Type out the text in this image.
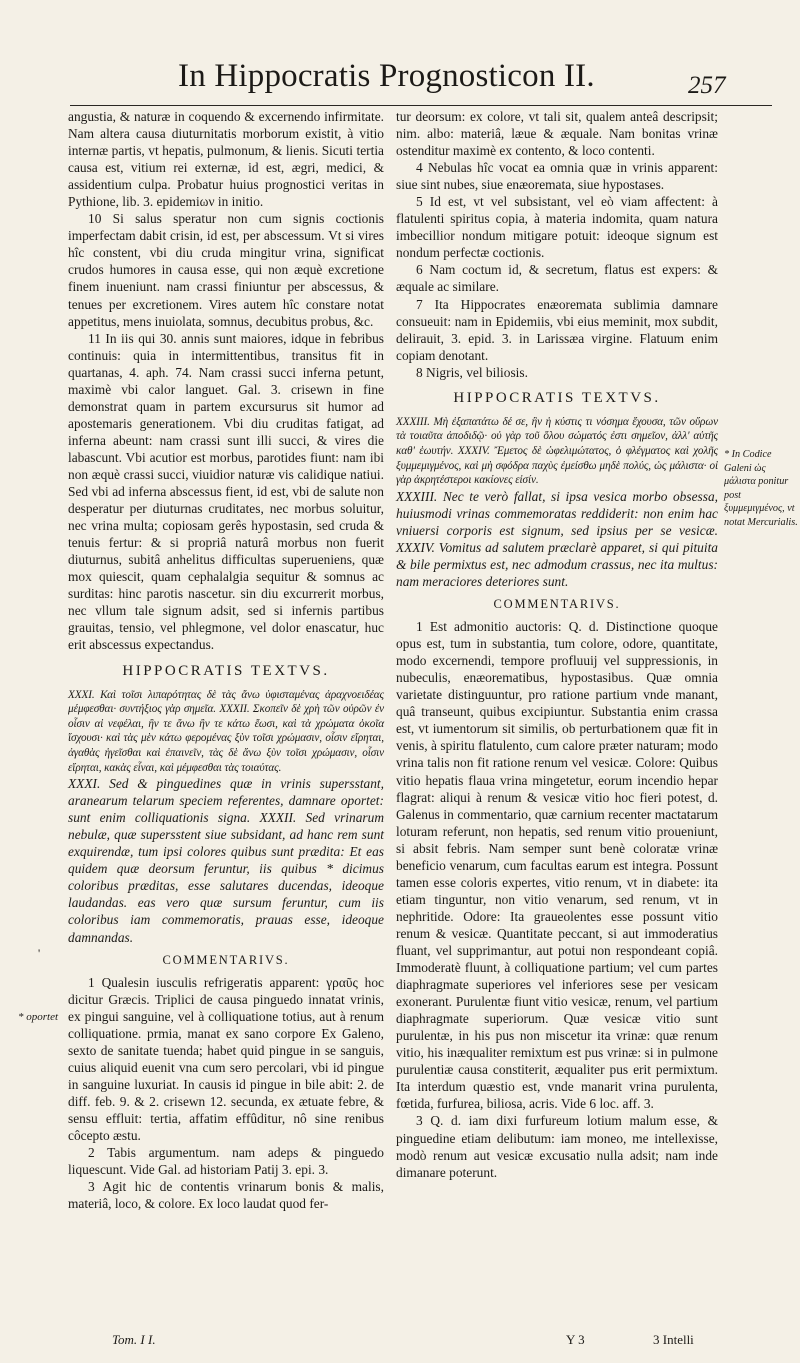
In Hippocratis Prognosticon II.	257

angustia, & naturæ in coquendo & excernendo infirmitate. Nam altera causa diuturnitatis morborum existit, à vitio internæ partis, vt hepatis, pulmonum, & lienis. Sicuti tertia causa est, vitium rei externæ, id est, ægri, medici, & assidentium culpa. Probatur huius prognostici veritas in Pythione, lib. 3. epidemiων in initio.

10 Si salus speratur non cum signis coctionis imperfectam dabit crisin, id est, per abscessum. Vt si vires hîc constent, vbi diu cruda mingitur vrina, significat crudos humores in causa esse, qui non æquè excretione finem inueniunt. nam crassi finiuntur per abscessus, & tenues per excretionem. Vires autem hîc constare notat appetitus, mens inuiolata, somnus, decubitus probus, &c.

11 In iis qui 30. annis sunt maiores, idque in febribus continuis: quia in intermittentibus, transitus fit in quartanas, 4. aph. 74. Nam crassi succi inferna petunt, maximè vbi calor languet. Gal. 3. crisewn in fine demonstrat quam in partem excursurus sit humor ad apostemaris generationem. Vbi diu cruditas fatigat, ad inferna abeunt: nam crassi sunt illi succi, & vires die labascunt. Vbi acutior est morbus, parotides fiunt: nam ibi non æquè crassi succi, viuidior naturæ vis calidique natiui. Sed vbi ad inferna abscessus fient, id est, vbi de salute non desperatur per diuturnas cruditates, nec morbus soluitur, nec vrina multa; copiosam gerês hypostasin, sed cruda & tenuis fertur: & si propriâ naturâ morbus non fuerit diuturnus, subitâ anhelitus difficultas superueniens, quæ mox quiescit, quam cephalalgia sequitur & somnus ac surditas: hinc parotis nascetur. sin diu excurrerit morbus, nec vllum tale signum adsit, sed si infernis partibus grauitas, tensio, vel phlegmone, vel dolor enascatur, huc erit abscessus expectandus.

HIPPOCRATIS TEXTVS.

XXXI. Καὶ τοῖσι λιπαρότητας δὲ τὰς ἄνω ὑφισταμένας ἀραχνοειδέας μέμφεσθαι· συντήξιος γὰρ σημεῖα. XXXII. Σκοπεῖν δὲ χρὴ τῶν οὐρῶν ἐν οἷσιν αἱ νεφέλαι, ἢν τε ἄνω ἢν τε κάτω ἔωσι, καὶ τὰ χρώματα ὁκοῖα ἴσχουσι· καὶ τὰς μὲν κάτω φερομένας ξὺν τοῖσι χρώμασιν, οἷσιν εἴρηται, ἀγαθὰς ἡγεῖσθαι καὶ ἐπαινεῖν, τὰς δὲ ἄνω ξὺν τοῖσι χρώμασιν, οἷσιν εἴρηται, κακὰς εἶναι, καὶ μέμφεσθαι τὰς τοιαύτας.

XXXI. Sed & pinguedines quæ in vrinis supersstant, aranearum telarum speciem referentes, damnare oportet: sunt enim colliquationis signa. XXXII. Sed vrinarum nebulæ, quæ supersstent siue subsidant, ad hanc rem sunt exquirendæ, tum ipsi colores quibus sunt prædita: Et eas quidem quæ deorsum feruntur, iis quibus * dicimus coloribus præditas, esse salutares ducendas, ideoque laudandas. eas vero quæ sursum feruntur, cum iis coloribus iam commemoratis, prauas esse, ideoque damnandas.

COMMENTARIVS.

1 Qualesin iusculis refrigeratis apparent: γραῦς hoc dicitur Græcis. Triplici de causa pinguedo innatat vrinis, ex pingui sanguine, vel à colliquatione totius, aut à renum colliquatione. prmia, manat ex sano corpore Ex Galeno, sexto de sanitate tuenda; habet quid pingue in se sanguis, cuius aliquid euenit vna cum sero percolari, vbi id pingue in sanguine luxuriat. In causis id pingue in bile abit: 2. de diff. feb. 9. & 2. crisewn 12. secunda, ex ætuate febre, & sensu effluit: tertia, affatim effûditur, nô sine renibus côcepto æstu.

2 Tabis argumentum. nam adeps & pinguedo liquescunt. Vide Gal. ad historiam Patij 3. epi. 3.

3 Agit hic de contentis vrinarum bonis & malis, materiâ, loco, & colore. Ex loco laudat quod fer-

tur deorsum: ex colore, vt tali sit, qualem anteâ descripsit; nim. albo: materiâ, læue & æquale. Nam bonitas vrinæ ostenditur maximè ex contento, & loco contenti.

4 Nebulas hîc vocat ea omnia quæ in vrinis apparent: siue sint nubes, siue enæoremata, siue hypostases.

5 Id est, vt vel subsistant, vel eò viam affectent: à flatulenti spiritus copia, à materia indomita, quam natura imbecillior nondum mitigare potuit: ideoque signum est nondum perfectæ coctionis.

6 Nam coctum id, & secretum, flatus est expers: & æquale ac similare.

7 Ita Hippocrates enæoremata sublimia damnare consueuit: nam in Epidemiis, vbi eius meminit, mox subdit, delirauit, 3. epid. 3. in Larissæa virgine. Flatuum enim copiam denotant.

8 Nigris, vel biliosis.

HIPPOCRATIS TEXTVS.

XXXIII. Μὴ ἐξαπατάτω δέ σε, ἢν ἡ κύστις τι νόσημα ἔχουσα, τῶν οὔρων τὰ τοιαῦτα ἀποδιδῷ· οὐ γὰρ τοῦ ὅλου σώματός ἐστι σημεῖον, ἀλλ' αὐτῆς καθ' ἑωυτήν. XXXIV. Ἔμετος δὲ ὠφελιμώτατος, ὁ φλέγματος καὶ χολῆς ξυμμεμιγμένος, καὶ μὴ σφόδρα παχὺς ἐμείσθω μηδὲ πολύς, ὡς μάλιστα· οἱ γὰρ ἀκρητέστεροι κακίονες εἰσίν.

XXXIII. Nec te verò fallat, si ipsa vesica morbo obsessa, huiusmodi vrinas commemoratas reddiderit: non enim hac vniuersi corporis est signum, sed ipsius per se vesicæ. XXXIV. Vomitus ad salutem præclarè apparet, si qui pituita & bile permixtus est, nec admodum crassus, nec ita multus: nam meraciores deteriores sunt.

COMMENTARIVS.

1 Est admonitio auctoris: Q. d. Distinctione quoque opus est, tum in substantia, tum colore, odore, quantitate, modo excernendi, tempore profluuij vel suppressionis, in nubeculis, enæorematibus, hypostasibus. Quæ omnia varietate distinguuntur, pro ratione partium vnde manant, quâ transeunt, quibus excipiuntur. Substantia enim crassa est, vt iumentorum sit similis, ob perturbationem quæ fit in venis, à spiritu flatulento, cum calore præter naturam; modo vrina talis non fit ratione renum vel vesicæ. Colore: Quibus vitio hepatis flaua vrina mingetetur, eorum incendio hepar flagrat: aliqui à renum & vesicæ vitio hoc fieri potest, d. Galenus in commentario, quæ carnium recenter mactatarum loturam referunt, non hepatis, sed renum vitio proueniunt, si absit febris. Nam semper sunt benè coloratæ vrinæ beneficio venarum, cum facultas earum est integra. Possunt tamen esse coloris expertes, vitio renum, vt in diabete: ita etiam tinguntur, non vitio venarum, sed renum, vt in nephritide. Odore: Ita graueolentes esse possunt vitio renum & vesicæ. Quantitate peccant, si aut immoderatius fluant, vel supprimantur, aut potui non respondeant copiâ. Immoderatè fluunt, à colliquatione partium; vel cum partes diaphragmate superiores vel inferiores sese per vesicam exonerant. Purulentæ fiunt vitio vesicæ, renum, vel partium diaphragmate superiorum. Quæ vesicæ vitio sunt purulentæ, in his pus non miscetur ita vrinæ: quæ renum vitio, his inæqualiter remixtum est pus vrinæ: si in pulmone purulentiæ causa constiterit, æqualiter pus erit permixtum. Ita interdum quæstio est, vnde manarit vrina purulenta, fœtida, furfurea, biliosa, acris. Vide 6 loc. aff. 3.

3 Q. d. iam dixi furfureum lotium malum esse, & pinguedine etiam delibutum: iam moneo, me intellexisse, modò renum aut vesicæ excusatio nulla adsit; nam inde dimanare poterunt.

* In Codice Galeni ὡς μάλιστα ponitur post ξυμμεμιγμένος, vt notat Mercurialis.
'
* oportet
Tom. I I.	Y 3	3 Intelli
